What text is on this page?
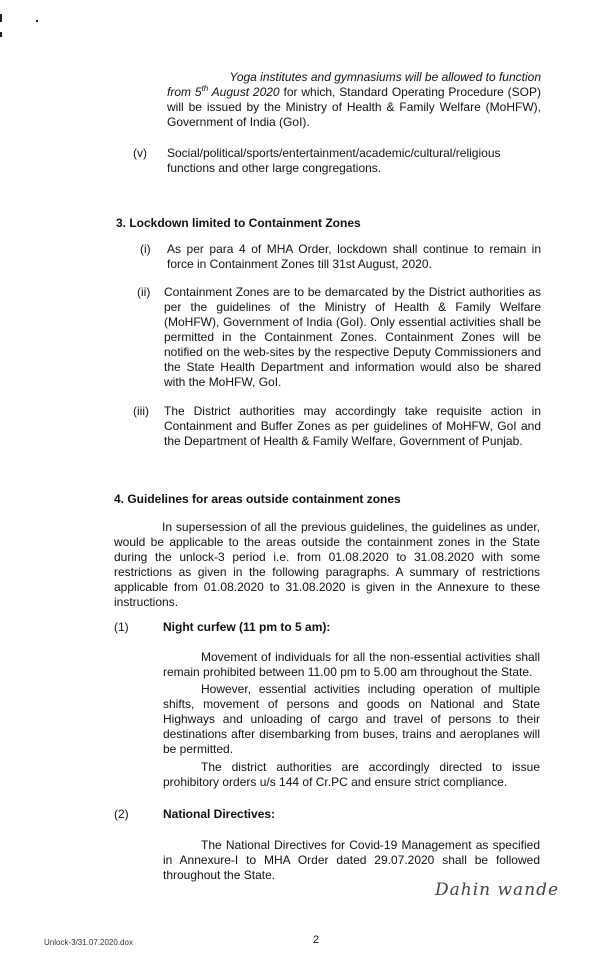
Yoga institutes and gymnasiums will be allowed to function
from 5th August 2020 for which, Standard Operating Procedure (SOP) will be issued by the Ministry of Health & Family Welfare (MoHFW), Government of India (GoI).
(v) Social/political/sports/entertainment/academic/cultural/religious functions and other large congregations.
3. Lockdown limited to Containment Zones
(i) As per para 4 of MHA Order, lockdown shall continue to remain in force in Containment Zones till 31st August, 2020.
(ii) Containment Zones are to be demarcated by the District authorities as per the guidelines of the Ministry of Health & Family Welfare (MoHFW), Government of India (GoI). Only essential activities shall be permitted in the Containment Zones. Containment Zones will be notified on the web-sites by the respective Deputy Commissioners and the State Health Department and information would also be shared with the MoHFW, GoI.
(iii) The District authorities may accordingly take requisite action in Containment and Buffer Zones as per guidelines of MoHFW, GoI and the Department of Health & Family Welfare, Government of Punjab.
4. Guidelines for areas outside containment zones
In supersession of all the previous guidelines, the guidelines as under, would be applicable to the areas outside the containment zones in the State during the unlock-3 period i.e. from 01.08.2020 to 31.08.2020 with some restrictions as given in the following paragraphs. A summary of restrictions applicable from 01.08.2020 to 31.08.2020 is given in the Annexure to these instructions.
(1)	Night curfew (11 pm to 5 am):
Movement of individuals for all the non-essential activities shall remain prohibited between 11.00 pm to 5.00 am throughout the State.
However, essential activities including operation of multiple shifts, movement of persons and goods on National and State Highways and unloading of cargo and travel of persons to their destinations after disembarking from buses, trains and aeroplanes will be permitted.
The district authorities are accordingly directed to issue prohibitory orders u/s 144 of Cr.PC and ensure strict compliance.
(2)	National Directives:
The National Directives for Covid-19 Management as specified in Annexure-I to MHA Order dated 29.07.2020 shall be followed throughout the State.
Dahin wande
Unlock-3/31.07.2020.dox	2
